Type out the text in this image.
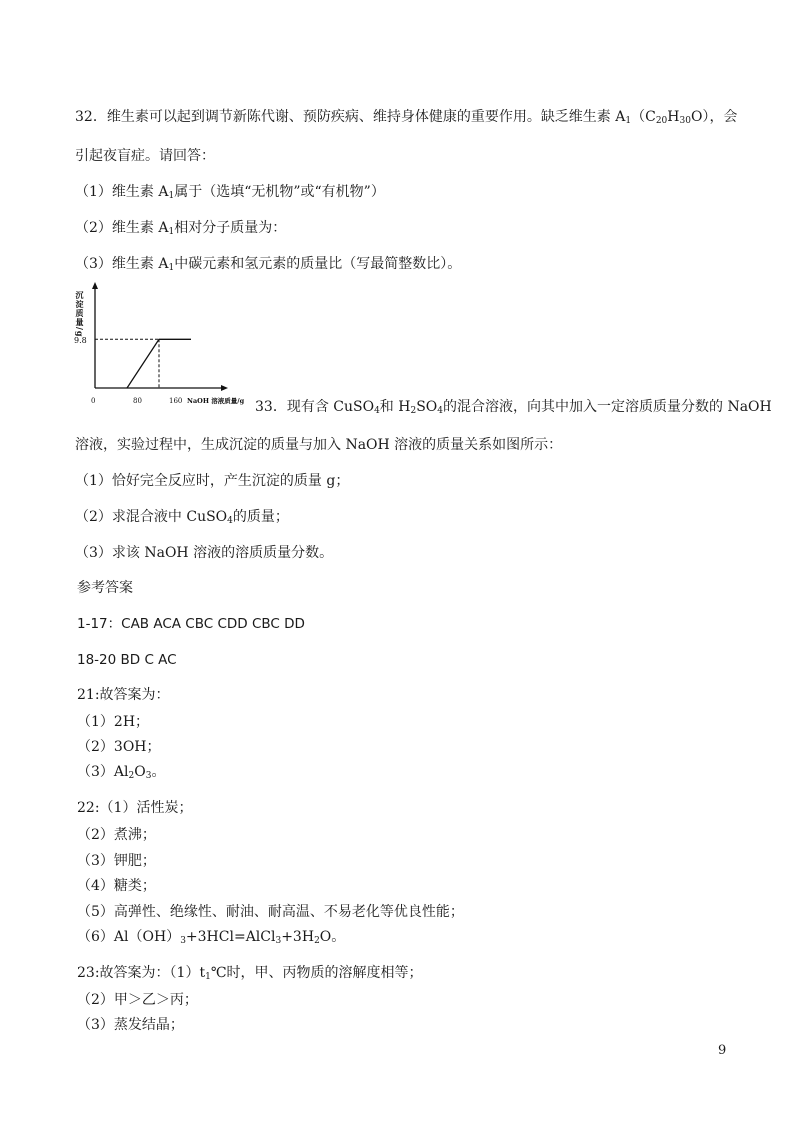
32．维生素可以起到调节新陈代谢、预防疾病、维持身体健康的重要作用。缺乏维生素 $A_1(C_{20}H_{30}O)$，会
引起夜盲症。请回答：
（1）维生素 $A_1$属于（选填“无机物”或“有机物”）
（2）维生素 $A_1$相对分子质量为：
（3）维生素 $A_1$中碳元素和氢元素的质量比（写最简整数比）。
沉淀质量/g
9.8
0	80	160 NaOH 溶液质量/g 33．现有含 CuSO$_4$和 $H_2SO_4$的混合溶液，向其中加入一定溶质质量分数的 NaOH
溶液，实验过程中，生成沉淀的质量与加入 NaOH 溶液的质量关系如图所示：
（1）恰好完全反应时，产生沉淀的质量 g；
（2）求混合液中 CuSO$_4$的质量；
（3）求该 NaOH 溶液的溶质质量分数。
参考答案
1-17：CAB ACA CBC CDD CBC DD
18-20 BD C AC
21:故答案为：
（1）2H；
（2）3OH；
$(3)Al_2O_3$。
22:（1）活性炭；
（2）煮沸；
（3）钾肥；
（4）糖类；
（5）高弹性、绝缘性、耐油、耐高温、不易老化等优良性能；
$(6)Al(OH)_3+3HCl=AlCl_3+3H_2O$。
23:故答案为：$(1)t_1℃$时，甲、丙物质的溶解度相等；
（2）甲＞乙＞丙；
（3）蒸发结晶；
9
